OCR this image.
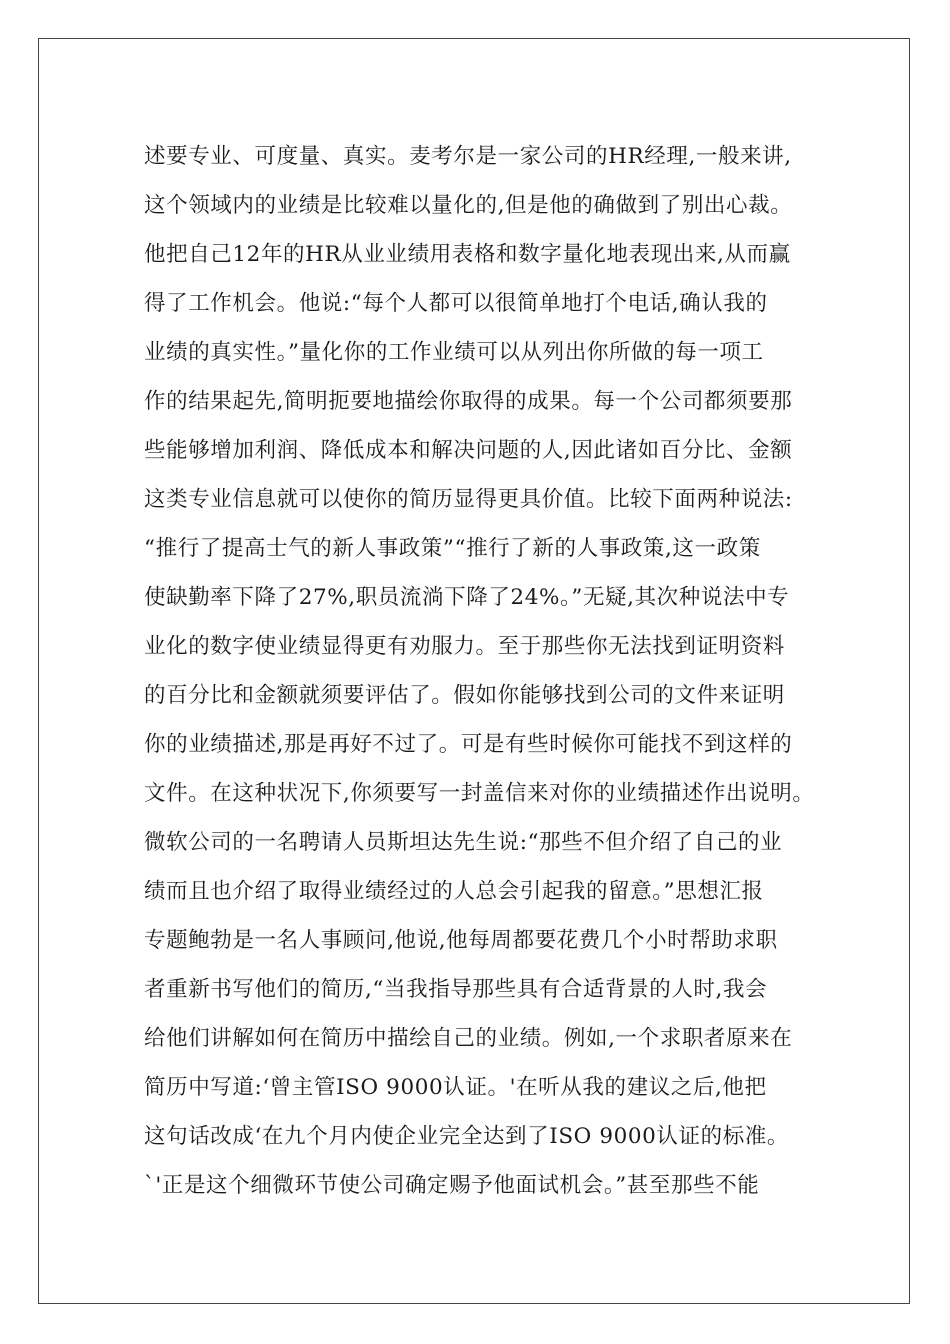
述要专业、可度量、真实。麦考尔是一家公司的HR经理,一般来讲,
这个领域内的业绩是比较难以量化的,但是他的确做到了别出心裁。
他把自己12年的HR从业业绩用表格和数字量化地表现出来,从而赢
得了工作机会。他说:“每个人都可以很简单地打个电话,确认我的
业绩的真实性。”量化你的工作业绩可以从列出你所做的每一项工
作的结果起先,简明扼要地描绘你取得的成果。每一个公司都须要那
些能够增加利润、降低成本和解决问题的人,因此诸如百分比、金额
这类专业信息就可以使你的简历显得更具价值。比较下面两种说法:
“推行了提高士气的新人事政策”“推行了新的人事政策,这一政策
使缺勤率下降了27%,职员流淌下降了24%。”无疑,其次种说法中专
业化的数字使业绩显得更有劝服力。至于那些你无法找到证明资料
的百分比和金额就须要评估了。假如你能够找到公司的文件来证明
你的业绩描述,那是再好不过了。可是有些时候你可能找不到这样的
文件。在这种状况下,你须要写一封盖信来对你的业绩描述作出说明。
微软公司的一名聘请人员斯坦达先生说:“那些不但介绍了自己的业
绩而且也介绍了取得业绩经过的人总会引起我的留意。”思想汇报
专题鲍勃是一名人事顾问,他说,他每周都要花费几个小时帮助求职
者重新书写他们的简历,“当我指导那些具有合适背景的人时,我会
给他们讲解如何在简历中描绘自己的业绩。例如,一个求职者原来在
简历中写道:‘曾主管ISO 9000认证。'在听从我的建议之后,他把
这句话改成‘在九个月内使企业完全达到了ISO 9000认证的标准。
`'正是这个细微环节使公司确定赐予他面试机会。”甚至那些不能
